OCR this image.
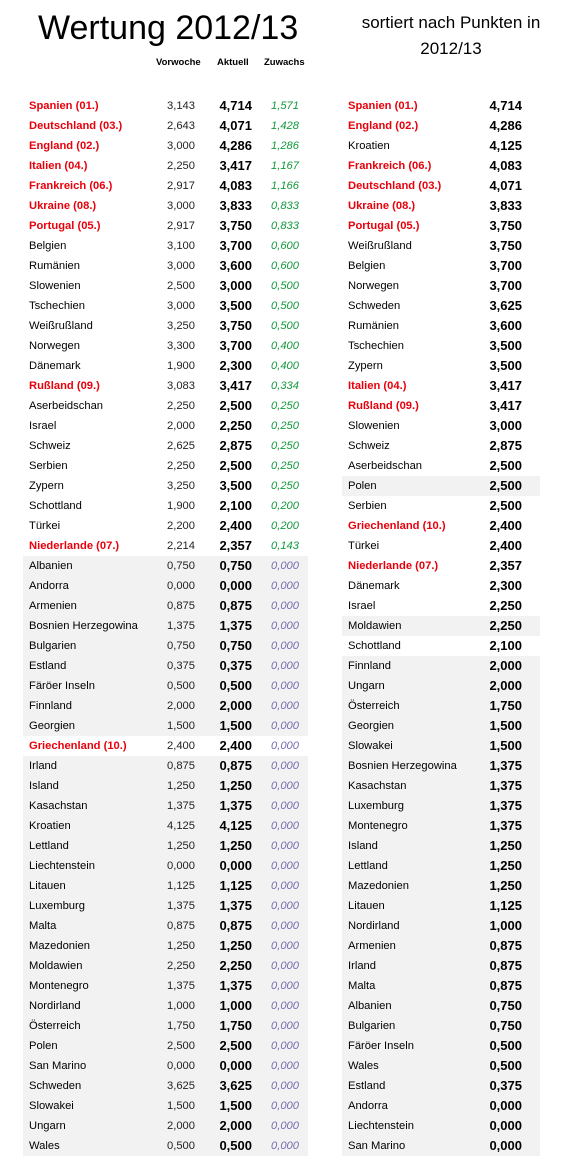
Wertung 2012/13	sortiert nach Punkten in 2012/13
Vorwoche Aktuell Zuwachs
Spanien (01.)	3,143	4,714	1,571
Deutschland (03.)	2,643	4,071	1,428
England (02.)	3,000	4,286	1,286
Italien (04.)	2,250	3,417	1,167
Frankreich (06.)	2,917	4,083	1,166
Ukraine (08.)	3,000	3,833	0,833
Portugal (05.)	2,917	3,750	0,833
Belgien	3,100	3,700	0,600
Rumänien	3,000	3,600	0,600
Slowenien	2,500	3,000	0,500
Tschechien	3,000	3,500	0,500
Weißrußland	3,250	3,750	0,500
Norwegen	3,300	3,700	0,400
Dänemark	1,900	2,300	0,400
Rußland (09.)	3,083	3,417	0,334
Aserbeidschan	2,250	2,500	0,250
Israel	2,000	2,250	0,250
Schweiz	2,625	2,875	0,250
Serbien	2,250	2,500	0,250
Zypern	3,250	3,500	0,250
Schottland	1,900	2,100	0,200
Türkei	2,200	2,400	0,200
Niederlande (07.)	2,214	2,357	0,143
Albanien	0,750	0,750	0,000
Andorra	0,000	0,000	0,000
Armenien	0,875	0,875	0,000
Bosnien Herzegowina	1,375	1,375	0,000
Bulgarien	0,750	0,750	0,000
Estland	0,375	0,375	0,000
Färöer Inseln	0,500	0,500	0,000
Finnland	2,000	2,000	0,000
Georgien	1,500	1,500	0,000
Griechenland (10.)	2,400	2,400	0,000
Irland	0,875	0,875	0,000
Island	1,250	1,250	0,000
Kasachstan	1,375	1,375	0,000
Kroatien	4,125	4,125	0,000
Lettland	1,250	1,250	0,000
Liechtenstein	0,000	0,000	0,000
Litauen	1,125	1,125	0,000
Luxemburg	1,375	1,375	0,000
Malta	0,875	0,875	0,000
Mazedonien	1,250	1,250	0,000
Moldawien	2,250	2,250	0,000
Montenegro	1,375	1,375	0,000
Nordirland	1,000	1,000	0,000
Österreich	1,750	1,750	0,000
Polen	2,500	2,500	0,000
San Marino	0,000	0,000	0,000
Schweden	3,625	3,625	0,000
Slowakei	1,500	1,500	0,000
Ungarn	2,000	2,000	0,000
Wales	0,500	0,500	0,000
Spanien (01.)	4,714
England (02.)	4,286
Kroatien	4,125
Frankreich (06.)	4,083
Deutschland (03.)	4,071
Ukraine (08.)	3,833
Portugal (05.)	3,750
Weißrußland	3,750
Belgien	3,700
Norwegen	3,700
Schweden	3,625
Rumänien	3,600
Tschechien	3,500
Zypern	3,500
Italien (04.)	3,417
Rußland (09.)	3,417
Slowenien	3,000
Schweiz	2,875
Aserbeidschan	2,500
Polen	2,500
Serbien	2,500
Griechenland (10.)	2,400
Türkei	2,400
Niederlande (07.)	2,357
Dänemark	2,300
Israel	2,250
Moldawien	2,250
Schottland	2,100
Finnland	2,000
Ungarn	2,000
Österreich	1,750
Georgien	1,500
Slowakei	1,500
Bosnien Herzegowina	1,375
Kasachstan	1,375
Luxemburg	1,375
Montenegro	1,375
Island	1,250
Lettland	1,250
Mazedonien	1,250
Litauen	1,125
Nordirland	1,000
Armenien	0,875
Irland	0,875
Malta	0,875
Albanien	0,750
Bulgarien	0,750
Färöer Inseln	0,500
Wales	0,500
Estland	0,375
Andorra	0,000
Liechtenstein	0,000
San Marino	0,000
